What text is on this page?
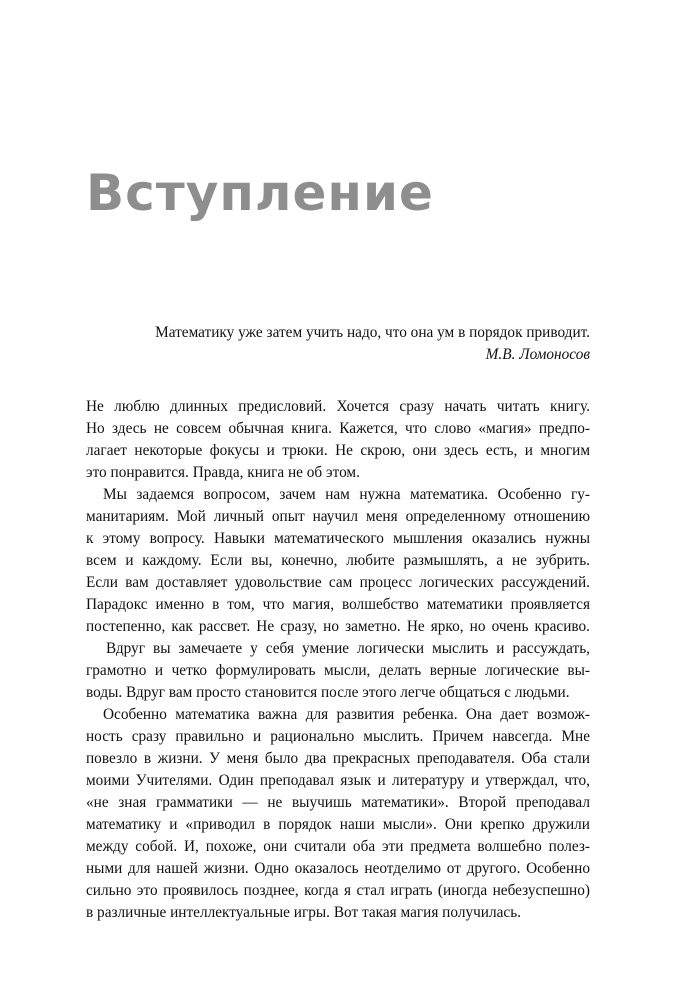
Вступление
Математику уже затем учить надо, что она ум в порядок приводит.
М.В. Ломоносов
Не люблю длинных предисловий. Хочется сразу начать читать книгу.
Но здесь не совсем обычная книга. Кажется, что слово «магия» предпо-
лагает некоторые фокусы и трюки. Не скрою, они здесь есть, и многим
это понравится. Правда, книга не об этом.
Мы задаемся вопросом, зачем нам нужна математика. Особенно гу-
манитариям. Мой личный опыт научил меня определенному отношению
к этому вопросу. Навыки математического мышления оказались нужны
всем и каждому. Если вы, конечно, любите размышлять, а не зубрить.
Если вам доставляет удовольствие сам процесс логических рассуждений.
Парадокс именно в том, что магия, волшебство математики проявляется
постепенно, как рассвет. Не сразу, но заметно. Не ярко, но очень красиво.
Вдруг вы замечаете у себя умение логически мыслить и рассуждать,
грамотно и четко формулировать мысли, делать верные логические вы-
воды. Вдруг вам просто становится после этого легче общаться с людьми.
Особенно математика важна для развития ребенка. Она дает возмож-
ность сразу правильно и рационально мыслить. Причем навсегда. Мне
повезло в жизни. У меня было два прекрасных преподавателя. Оба стали
моими Учителями. Один преподавал язык и литературу и утверждал, что,
«не зная грамматики — не выучишь математики». Второй преподавал
математику и «приводил в порядок наши мысли». Они крепко дружили
между собой. И, похоже, они считали оба эти предмета волшебно полез-
ными для нашей жизни. Одно оказалось неотделимо от другого. Особенно
сильно это проявилось позднее, когда я стал играть (иногда небезуспешно)
в различные интеллектуальные игры. Вот такая магия получилась.
